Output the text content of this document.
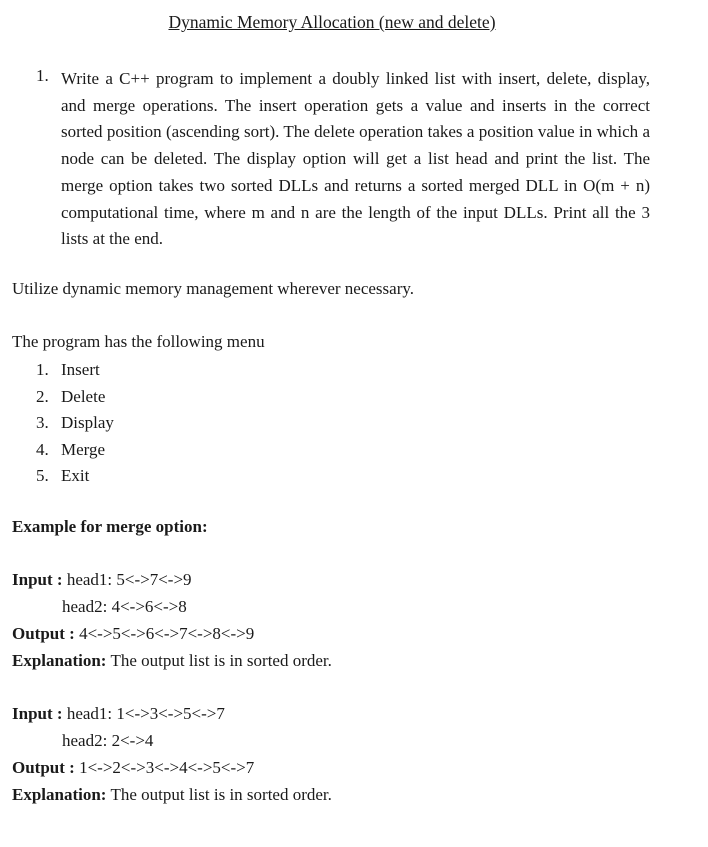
Dynamic Memory Allocation (new and delete)
1. Write a C++ program to implement a doubly linked list with insert, delete, display, and merge operations. The insert operation gets a value and inserts in the correct sorted position (ascending sort). The delete operation takes a position value in which a node can be deleted. The display option will get a list head and print the list. The merge option takes two sorted DLLs and returns a sorted merged DLL in O(m + n) computational time, where m and n are the length of the input DLLs. Print all the 3 lists at the end.
Utilize dynamic memory management wherever necessary.
The program has the following menu
1. Insert
2. Delete
3. Display
4. Merge
5. Exit
Example for merge option:
Input : head1: 5<->7<->9
head2: 4<->6<->8
Output : 4<->5<->6<->7<->8<->9
Explanation: The output list is in sorted order.
Input : head1: 1<->3<->5<->7
head2: 2<->4
Output : 1<->2<->3<->4<->5<->7
Explanation: The output list is in sorted order.
